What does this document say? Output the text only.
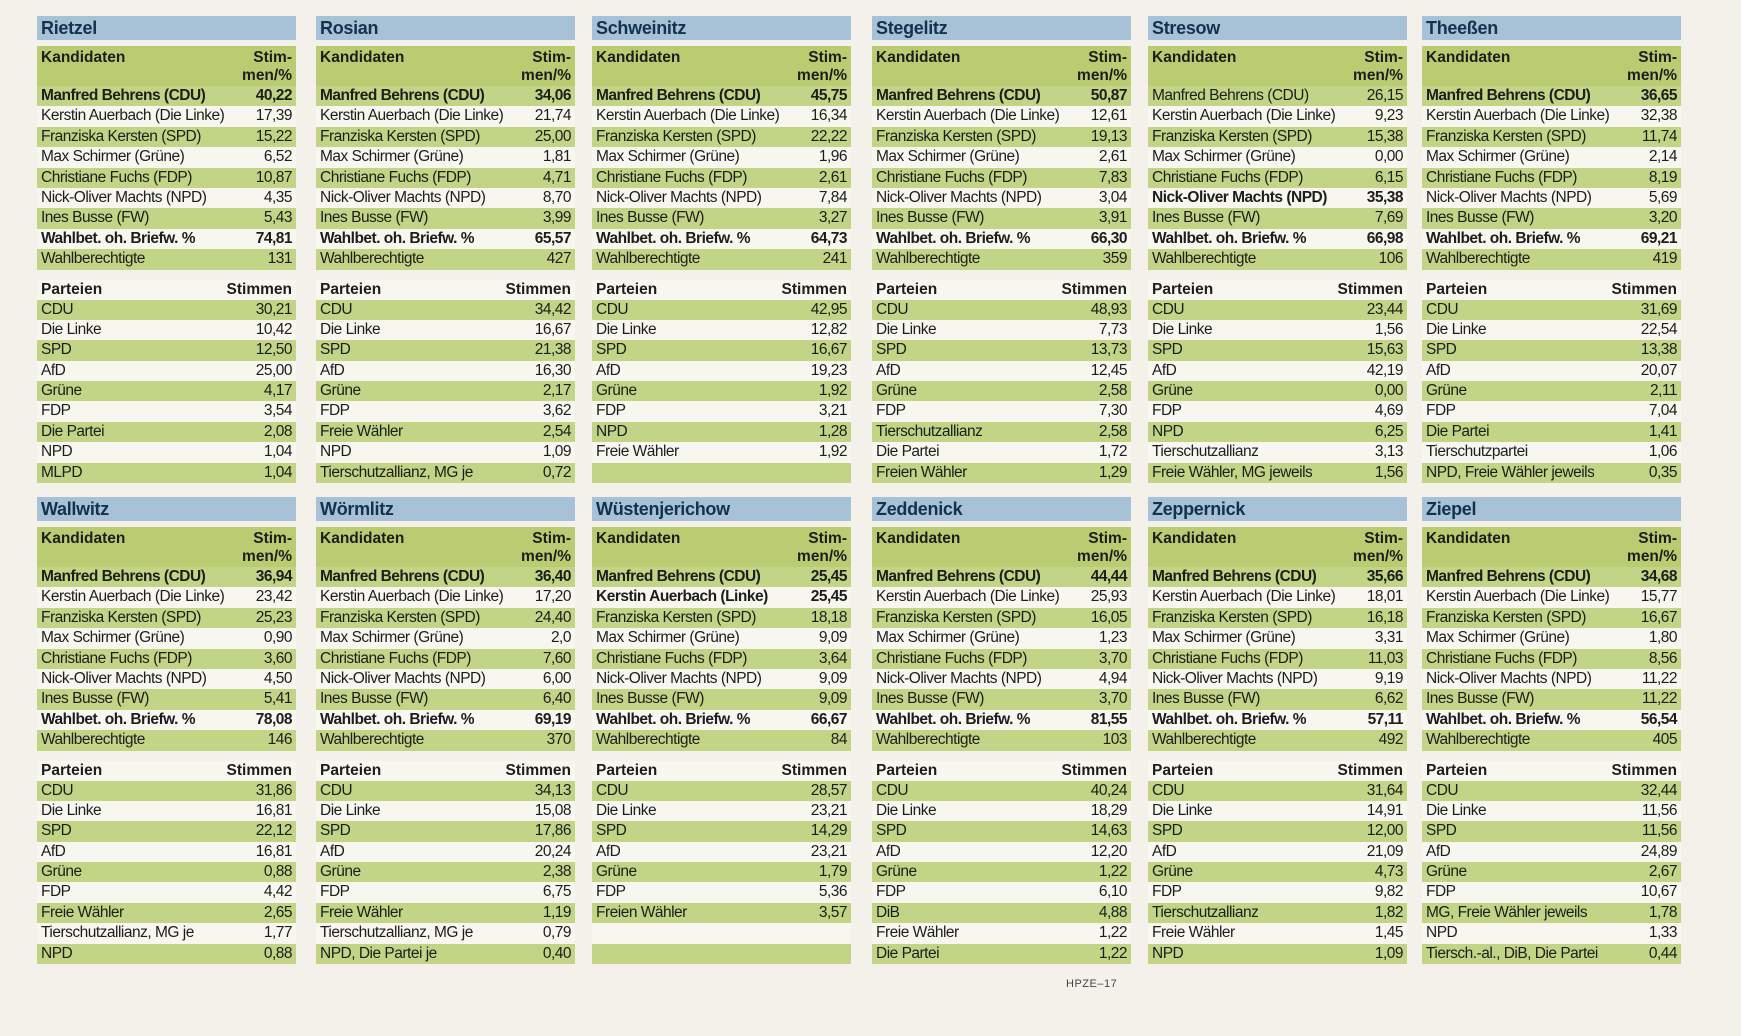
Rietzel
Kandidaten	Stim-
men/%
Manfred Behrens (CDU)	40,22
Kerstin Auerbach (Die Linke) 17,39
Franziska Kersten (SPD)	15,22
Max Schirmer (Grüne)	6,52
Christiane Fuchs (FDP)	10,87
Nick-Oliver Machts (NPD)	4,35
Ines Busse (FW)	5,43
Wahlbet. oh. Briefw. %	74,81
Wahlberechtigte	131
Parteien	Stimmen
CDU	30,21
Die Linke	10,42
SPD	12,50
AfD	25,00
Grüne	4,17
FDP	3,54
Die Partei	2,08
NPD	1,04
MLPD	1,04
Rosian
Kandidaten	Stim-
men/%
Manfred Behrens (CDU)	34,06
Kerstin Auerbach (Die Linke) 21,74
Franziska Kersten (SPD)	25,00
Max Schirmer (Grüne)	1,81
Christiane Fuchs (FDP)	4,71
Nick-Oliver Machts (NPD)	8,70
Ines Busse (FW)	3,99
Wahlbet. oh. Briefw. %	65,57
Wahlberechtigte	427
Parteien	Stimmen
CDU	34,42
Die Linke	16,67
SPD	21,38
AfD	16,30
Grüne	2,17
FDP	3,62
Freie Wähler	2,54
NPD	1,09
Tierschutzallianz, MG je	0,72
Schweinitz
Kandidaten	Stim-
men/%
Manfred Behrens (CDU)	45,75
Kerstin Auerbach (Die Linke) 16,34
Franziska Kersten (SPD)	22,22
Max Schirmer (Grüne)	1,96
Christiane Fuchs (FDP)	2,61
Nick-Oliver Machts (NPD)	7,84
Ines Busse (FW)	3,27
Wahlbet. oh. Briefw. %	64,73
Wahlberechtigte	241
Parteien	Stimmen
CDU	42,95
Die Linke	12,82
SPD	16,67
AfD	19,23
Grüne	1,92
FDP	3,21
NPD	1,28
Freie Wähler	1,92
Stegelitz
Kandidaten	Stim-
men/%
Manfred Behrens (CDU)	50,87
Kerstin Auerbach (Die Linke) 12,61
Franziska Kersten (SPD)	19,13
Max Schirmer (Grüne)	2,61
Christiane Fuchs (FDP)	7,83
Nick-Oliver Machts (NPD)	3,04
Ines Busse (FW)	3,91
Wahlbet. oh. Briefw. %	66,30
Wahlberechtigte	359
Parteien	Stimmen
CDU	48,93
Die Linke	7,73
SPD	13,73
AfD	12,45
Grüne	2,58
FDP	7,30
Tierschutzallianz	2,58
Die Partei	1,72
Freien Wähler	1,29
Stresow
Kandidaten	Stim-
men/%
Manfred Behrens (CDU)	26,15
Kerstin Auerbach (Die Linke)	9,23
Franziska Kersten (SPD)	15,38
Max Schirmer (Grüne)	0,00
Christiane Fuchs (FDP)	6,15
Nick-Oliver Machts (NPD)	35,38
Ines Busse (FW)	7,69
Wahlbet. oh. Briefw. %	66,98
Wahlberechtigte	106
Parteien	Stimmen
CDU	23,44
Die Linke	1,56
SPD	15,63
AfD	42,19
Grüne	0,00
FDP	4,69
NPD	6,25
Tierschutzallianz	3,13
Freie Wähler, MG jeweils	1,56
Theeßen
Kandidaten	Stim-
men/%
Manfred Behrens (CDU)	36,65
Kerstin Auerbach (Die Linke) 32,38
Franziska Kersten (SPD)	11,74
Max Schirmer (Grüne)	2,14
Christiane Fuchs (FDP)	8,19
Nick-Oliver Machts (NPD)	5,69
Ines Busse (FW)	3,20
Wahlbet. oh. Briefw. %	69,21
Wahlberechtigte	419
Parteien	Stimmen
CDU	31,69
Die Linke	22,54
SPD	13,38
AfD	20,07
Grüne	2,11
FDP	7,04
Die Partei	1,41
Tierschutzpartei	1,06
NPD, Freie Wähler jeweils	0,35
Wallwitz
Kandidaten	Stim-
men/%
Manfred Behrens (CDU)	36,94
Kerstin Auerbach (Die Linke) 23,42
Franziska Kersten (SPD)	25,23
Max Schirmer (Grüne)	0,90
Christiane Fuchs (FDP)	3,60
Nick-Oliver Machts (NPD)	4,50
Ines Busse (FW)	5,41
Wahlbet. oh. Briefw. %	78,08
Wahlberechtigte	146
Parteien	Stimmen
CDU	31,86
Die Linke	16,81
SPD	22,12
AfD	16,81
Grüne	0,88
FDP	4,42
Freie Wähler	2,65
Tierschutzallianz, MG je	1,77
NPD	0,88
Wörmlitz
Kandidaten	Stim-
men/%
Manfred Behrens (CDU)	36,40
Kerstin Auerbach (Die Linke) 17,20
Franziska Kersten (SPD)	24,40
Max Schirmer (Grüne)	2,0
Christiane Fuchs (FDP)	7,60
Nick-Oliver Machts (NPD)	6,00
Ines Busse (FW)	6,40
Wahlbet. oh. Briefw. %	69,19
Wahlberechtigte	370
Parteien	Stimmen
CDU	34,13
Die Linke	15,08
SPD	17,86
AfD	20,24
Grüne	2,38
FDP	6,75
Freie Wähler	1,19
Tierschutzallianz, MG je	0,79
NPD, Die Partei je	0,40
Wüstenjerichow
Kandidaten	Stim-
men/%
Manfred Behrens (CDU)	25,45
Kerstin Auerbach (Linke)	25,45
Franziska Kersten (SPD)	18,18
Max Schirmer (Grüne)	9,09
Christiane Fuchs (FDP)	3,64
Nick-Oliver Machts (NPD)	9,09
Ines Busse (FW)	9,09
Wahlbet. oh. Briefw. %	66,67
Wahlberechtigte	84
Parteien	Stimmen
CDU	28,57
Die Linke	23,21
SPD	14,29
AfD	23,21
Grüne	1,79
FDP	5,36
Freien Wähler	3,57
Zeddenick
Kandidaten	Stim-
men/%
Manfred Behrens (CDU)	44,44
Kerstin Auerbach (Die Linke) 25,93
Franziska Kersten (SPD)	16,05
Max Schirmer (Grüne)	1,23
Christiane Fuchs (FDP)	3,70
Nick-Oliver Machts (NPD)	4,94
Ines Busse (FW)	3,70
Wahlbet. oh. Briefw. %	81,55
Wahlberechtigte	103
Parteien	Stimmen
CDU	40,24
Die Linke	18,29
SPD	14,63
AfD	12,20
Grüne	1,22
FDP	6,10
DiB	4,88
Freie Wähler	1,22
Die Partei	1,22
Zeppernick
Kandidaten	Stim-
men/%
Manfred Behrens (CDU)	35,66
Kerstin Auerbach (Die Linke) 18,01
Franziska Kersten (SPD)	16,18
Max Schirmer (Grüne)	3,31
Christiane Fuchs (FDP)	11,03
Nick-Oliver Machts (NPD)	9,19
Ines Busse (FW)	6,62
Wahlbet. oh. Briefw. %	57,11
Wahlberechtigte	492
Parteien	Stimmen
CDU	31,64
Die Linke	14,91
SPD	12,00
AfD	21,09
Grüne	4,73
FDP	9,82
Tierschutzallianz	1,82
Freie Wähler	1,45
NPD	1,09
Ziepel
Kandidaten	Stim-
men/%
Manfred Behrens (CDU)	34,68
Kerstin Auerbach (Die Linke) 15,77
Franziska Kersten (SPD)	16,67
Max Schirmer (Grüne)	1,80
Christiane Fuchs (FDP)	8,56
Nick-Oliver Machts (NPD)	11,22
Ines Busse (FW)	11,22
Wahlbet. oh. Briefw. %	56,54
Wahlberechtigte	405
Parteien	Stimmen
CDU	32,44
Die Linke	11,56
SPD	11,56
AfD	24,89
Grüne	2,67
FDP	10,67
MG, Freie Wähler jeweils	1,78
NPD	1,33
Tiersch.-al., DiB, Die Partei	0,44
HPZE–17
